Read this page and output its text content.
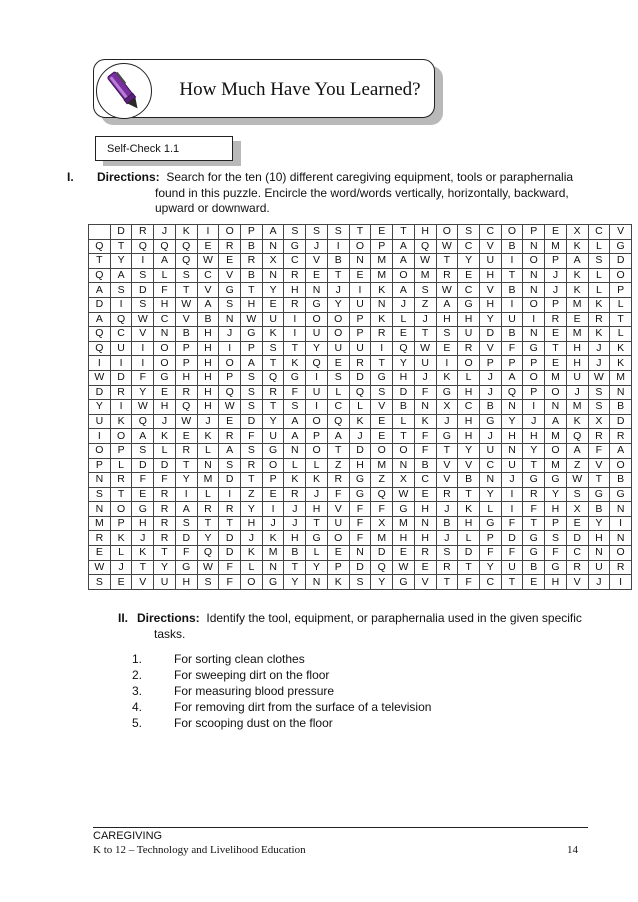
How Much Have You Learned?
Self-Check 1.1
I. Directions: Search for the ten (10) different caregiving equipment, tools or paraphernalia
found in this puzzle. Encircle the word/words vertically, horizontally, backward, upward or downward.
	D	R	J	K	I	O	P	A	S	S	S	T	E	T	H	O	S	C	O	P	E	X	C	V
Q	T	Q	Q	Q	E	R	B	N	G	J	I	O	P	A	Q	W	C	V	B	N	M	K	L	G
T	Y	I	A	Q	W	E	R	X	C	V	B	N	M	A	W	T	Y	U	I	O	P	A	S	D
Q	A	S	L	S	C	V	B	N	R	E	T	E	M	O	M	R	E	H	T	N	J	K	L	O
A	S	D	F	T	V	G	T	Y	H	N	J	I	K	A	S	W	C	V	B	N	J	K	L	P
D	I	S	H	W	A	S	H	E	R	G	Y	U	N	J	Z	A	G	H	I	O	P	M	K	L
A	Q	W	C	V	B	N	W	U	I	O	O	P	K	L	J	H	H	Y	U	I	R	E	R	T
Q	C	V	N	B	H	J	G	K	I	U	O	P	R	E	T	S	U	D	B	N	E	M	K	L
Q	U	I	O	P	H	I	P	S	T	Y	U	U	I	Q	W	E	R	V	F	G	T	H	J	K
I	I	I	O	P	H	O	A	T	K	Q	E	R	T	Y	U	I	O	P	P	P	E	H	J	K
W	D	F	G	H	H	P	S	Q	G	I	S	D	G	H	J	K	L	J	A	O	M	U	W	M
D	R	Y	E	R	H	Q	S	R	F	U	L	Q	S	D	F	G	H	J	Q	P	O	J	S	N
Y	I	W	H	Q	H	W	S	T	S	I	C	L	V	B	N	X	C	B	N	I	N	M	S	B
U	K	Q	J	W	J	E	D	Y	A	O	Q	K	E	L	K	J	H	G	Y	J	A	K	X	D
I	O	A	K	E	K	R	F	U	A	P	A	J	E	T	F	G	H	J	H	H	M	Q	R	R
O	P	S	L	R	L	A	S	G	N	O	T	D	O	O	F	T	Y	U	N	Y	O	A	F	A
P	L	D	D	T	N	S	R	O	L	L	Z	H	M	N	B	V	V	C	U	T	M	Z	V	O
N	R	F	F	Y	M	D	T	P	K	K	R	G	Z	X	C	V	B	N	J	G	G	W	T	B
S	T	E	R	I	L	I	Z	E	R	J	F	G	Q	W	E	R	T	Y	I	R	Y	S	G	G
N	O	G	R	A	R	R	Y	I	J	H	V	F	F	G	H	J	K	L	I	F	H	X	B	N
M	P	H	R	S	T	T	H	J	J	T	U	F	X	M	N	B	H	G	F	T	P	E	Y	I
R	K	J	R	D	Y	D	J	K	H	G	O	F	M	H	H	J	L	P	D	G	S	D	H	N
E	L	K	T	F	Q	D	K	M	B	L	E	N	D	E	R	S	D	F	F	G	F	C	N	O
W	J	T	Y	G	W	F	L	N	T	Y	P	D	Q	W	E	R	T	Y	U	B	G	R	U	R
S	E	V	U	H	S	F	O	G	Y	N	K	S	Y	G	V	T	F	C	T	E	H	V	J	I
II. Directions: Identify the tool, equipment, or paraphernalia used in the given specific
tasks.
1.	For sorting clean clothes
2.	For sweeping dirt on the floor
3.	For measuring blood pressure
4.	For removing dirt from the surface of a television
5.	For scooping dust on the floor
CAREGIVING
K to 12 – Technology and Livelihood Education	14
